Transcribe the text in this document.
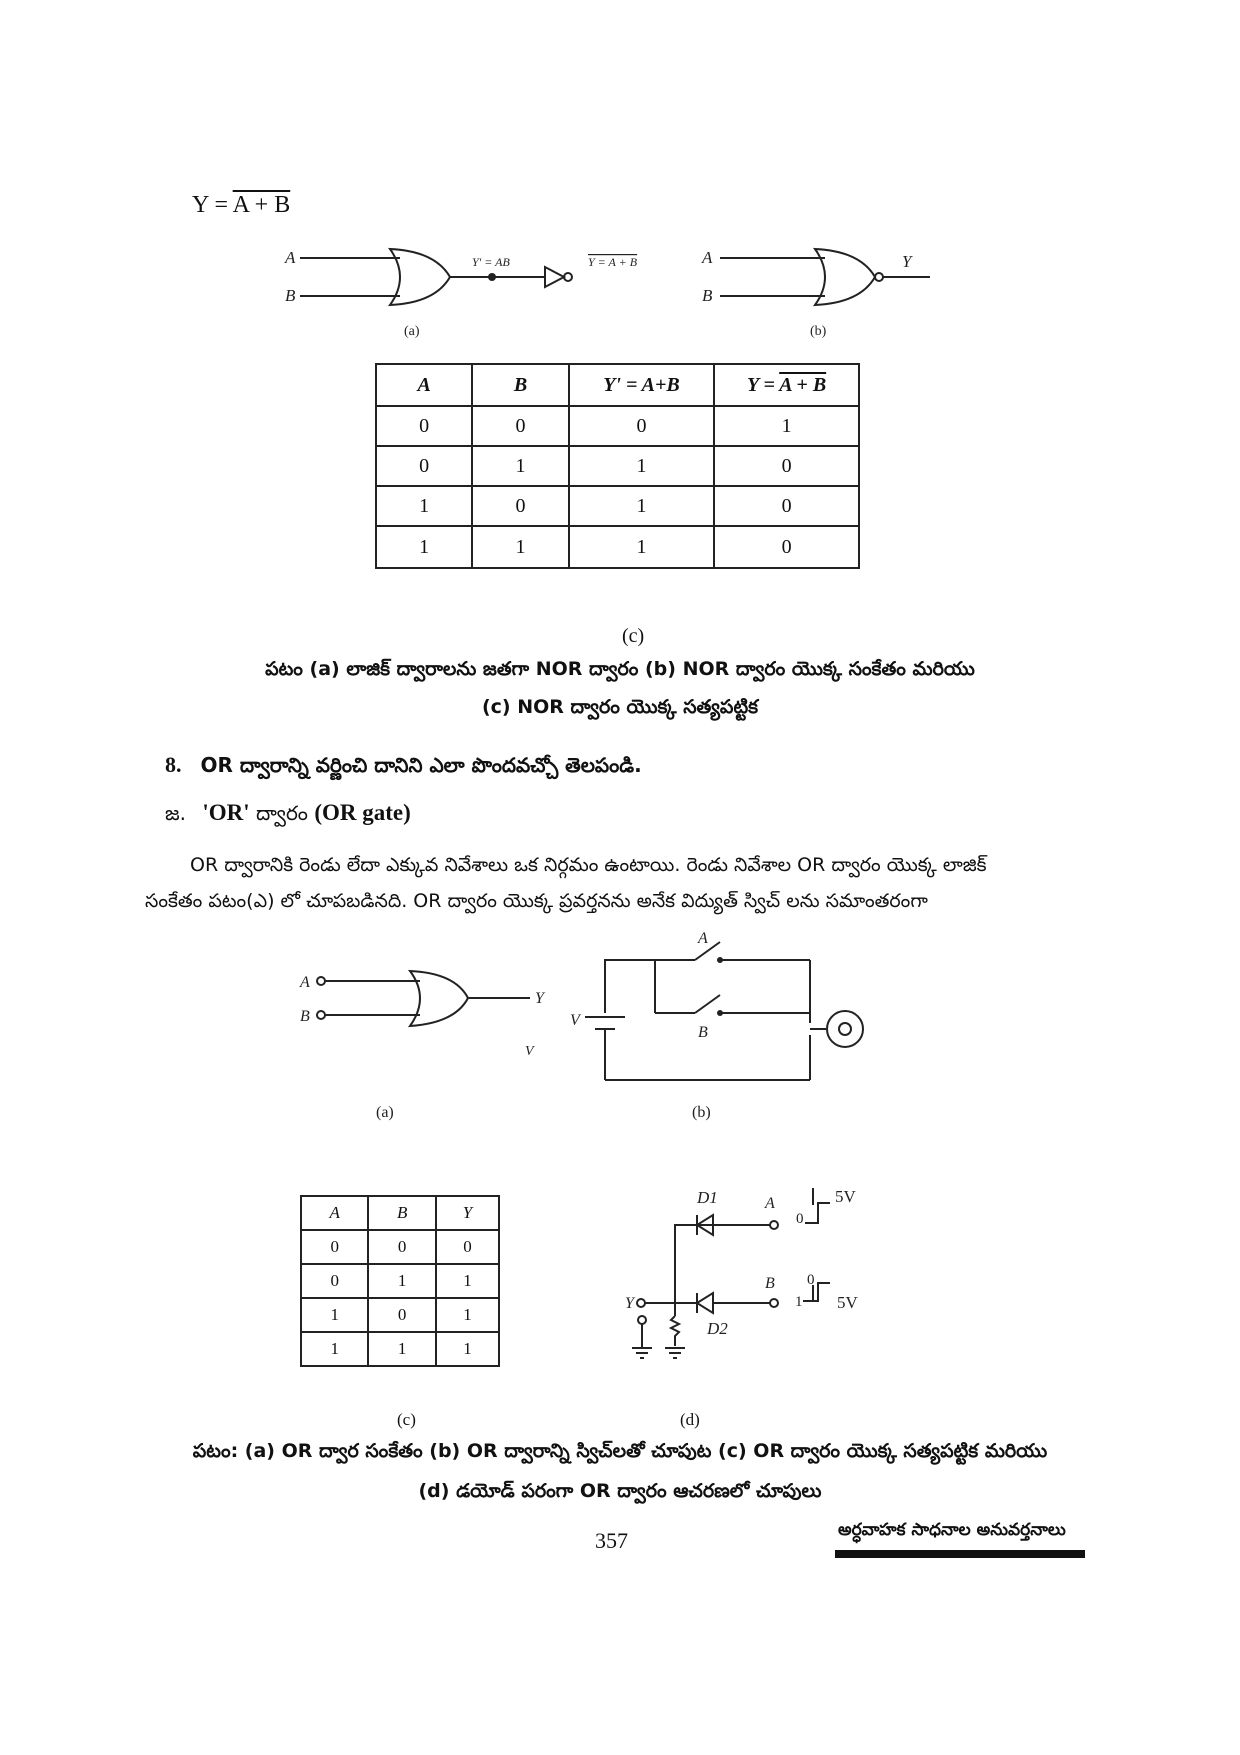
Y = A + B
A
B
Y' = AB	Y = A + B	A
B
Y
(a)	(b)
A	B	Y' = A+B	Y = A + B
0	0	0	1
0	1	1	0
1	0	1	0
1	1	1	0
(c)
పటం (a) లాజిక్ ద్వారాలను జతగా NOR ద్వారం (b) NOR ద్వారం యొక్క సంకేతం మరియు
(c) NOR ద్వారం యొక్క సత్యపట్టిక
8. OR ద్వారాన్ని వర్ణించి దానిని ఎలా పొందవచ్చో తెలపండి.
జ. 'OR' ద్వారం (OR gate)
OR ద్వారానికి రెండు లేదా ఎక్కువ నివేశాలు ఒక నిర్గమం ఉంటాయి. రెండు నివేశాల OR ద్వారం యొక్క లాజిక్
సంకేతం పటం(ఎ) లో చూపబడినది. OR ద్వారం యొక్క ప్రవర్తనను అనేక విద్యుత్ స్విచ్ లను సమాంతరంగా
A
B
Y
V
V
A
B
(a)	(b)
A	B	Y
0	0	0
0	1	1
1	0	1
1	1	1
D1	A
B
Y
D2
0
5V
0
1 5V
(c)	(d)
పటం: (a) OR ద్వార సంకేతం (b) OR ద్వారాన్ని స్విచ్‌లతో చూపుట (c) OR ద్వారం యొక్క సత్యపట్టిక మరియు
(d) డయోడ్ పరంగా OR ద్వారం ఆచరణలో చూపులు
357	అర్ధవాహక సాధనాల అనువర్తనాలు
